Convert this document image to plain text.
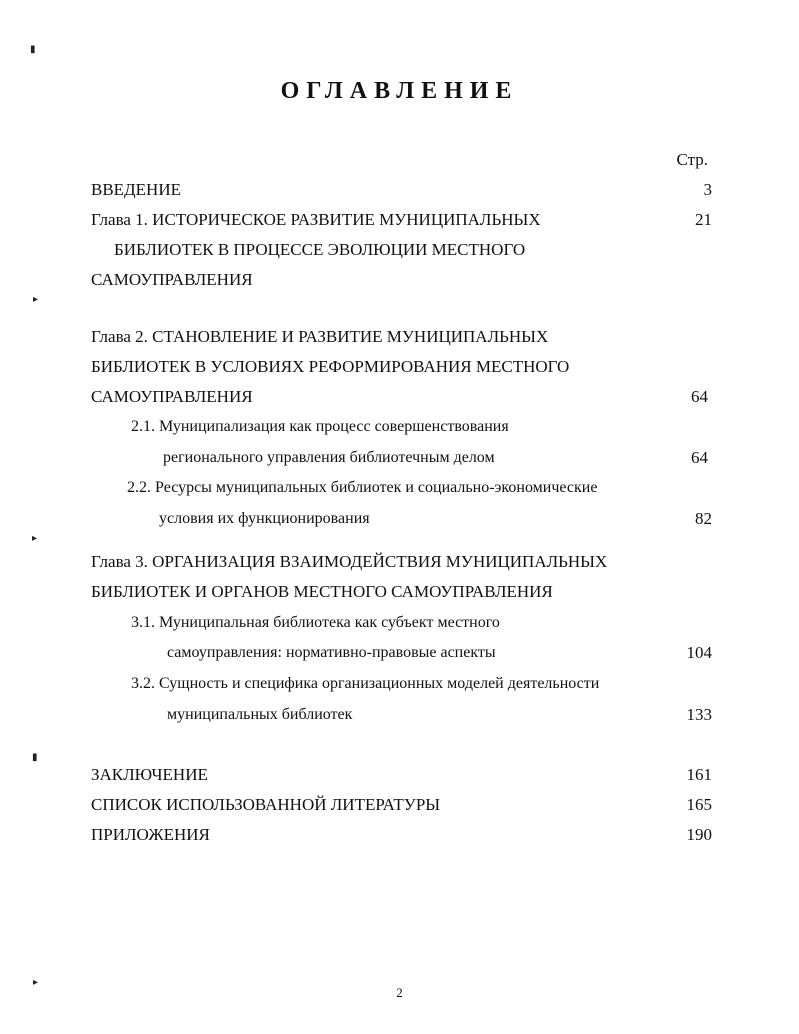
▮
▸
▸
▮
▸
ОГЛАВЛЕНИЕ
Стр.
ВВЕДЕНИЕ	3
Глава 1. ИСТОРИЧЕСКОЕ РАЗВИТИЕ МУНИЦИПАЛЬНЫХ	21
БИБЛИОТЕК В ПРОЦЕССЕ ЭВОЛЮЦИИ МЕСТНОГО
САМОУПРАВЛЕНИЯ
Глава 2. СТАНОВЛЕНИЕ И РАЗВИТИЕ МУНИЦИПАЛЬНЫХ
БИБЛИОТЕК В УСЛОВИЯХ РЕФОРМИРОВАНИЯ МЕСТНОГО
САМОУПРАВЛЕНИЯ	64
2.1. Муниципализация как процесс совершенствования
регионального управления библиотечным делом	64
2.2. Ресурсы муниципальных библиотек и социально-экономические
условия их функционирования	82
Глава 3. ОРГАНИЗАЦИЯ ВЗАИМОДЕЙСТВИЯ МУНИЦИПАЛЬНЫХ
БИБЛИОТЕК И ОРГАНОВ МЕСТНОГО САМОУПРАВЛЕНИЯ
3.1. Муниципальная библиотека как субъект местного
самоуправления: нормативно-правовые аспекты	104
3.2. Сущность и специфика организационных моделей деятельности
муниципальных библиотек	133
ЗАКЛЮЧЕНИЕ	161
СПИСОК ИСПОЛЬЗОВАННОЙ ЛИТЕРАТУРЫ	165
ПРИЛОЖЕНИЯ	190
2
